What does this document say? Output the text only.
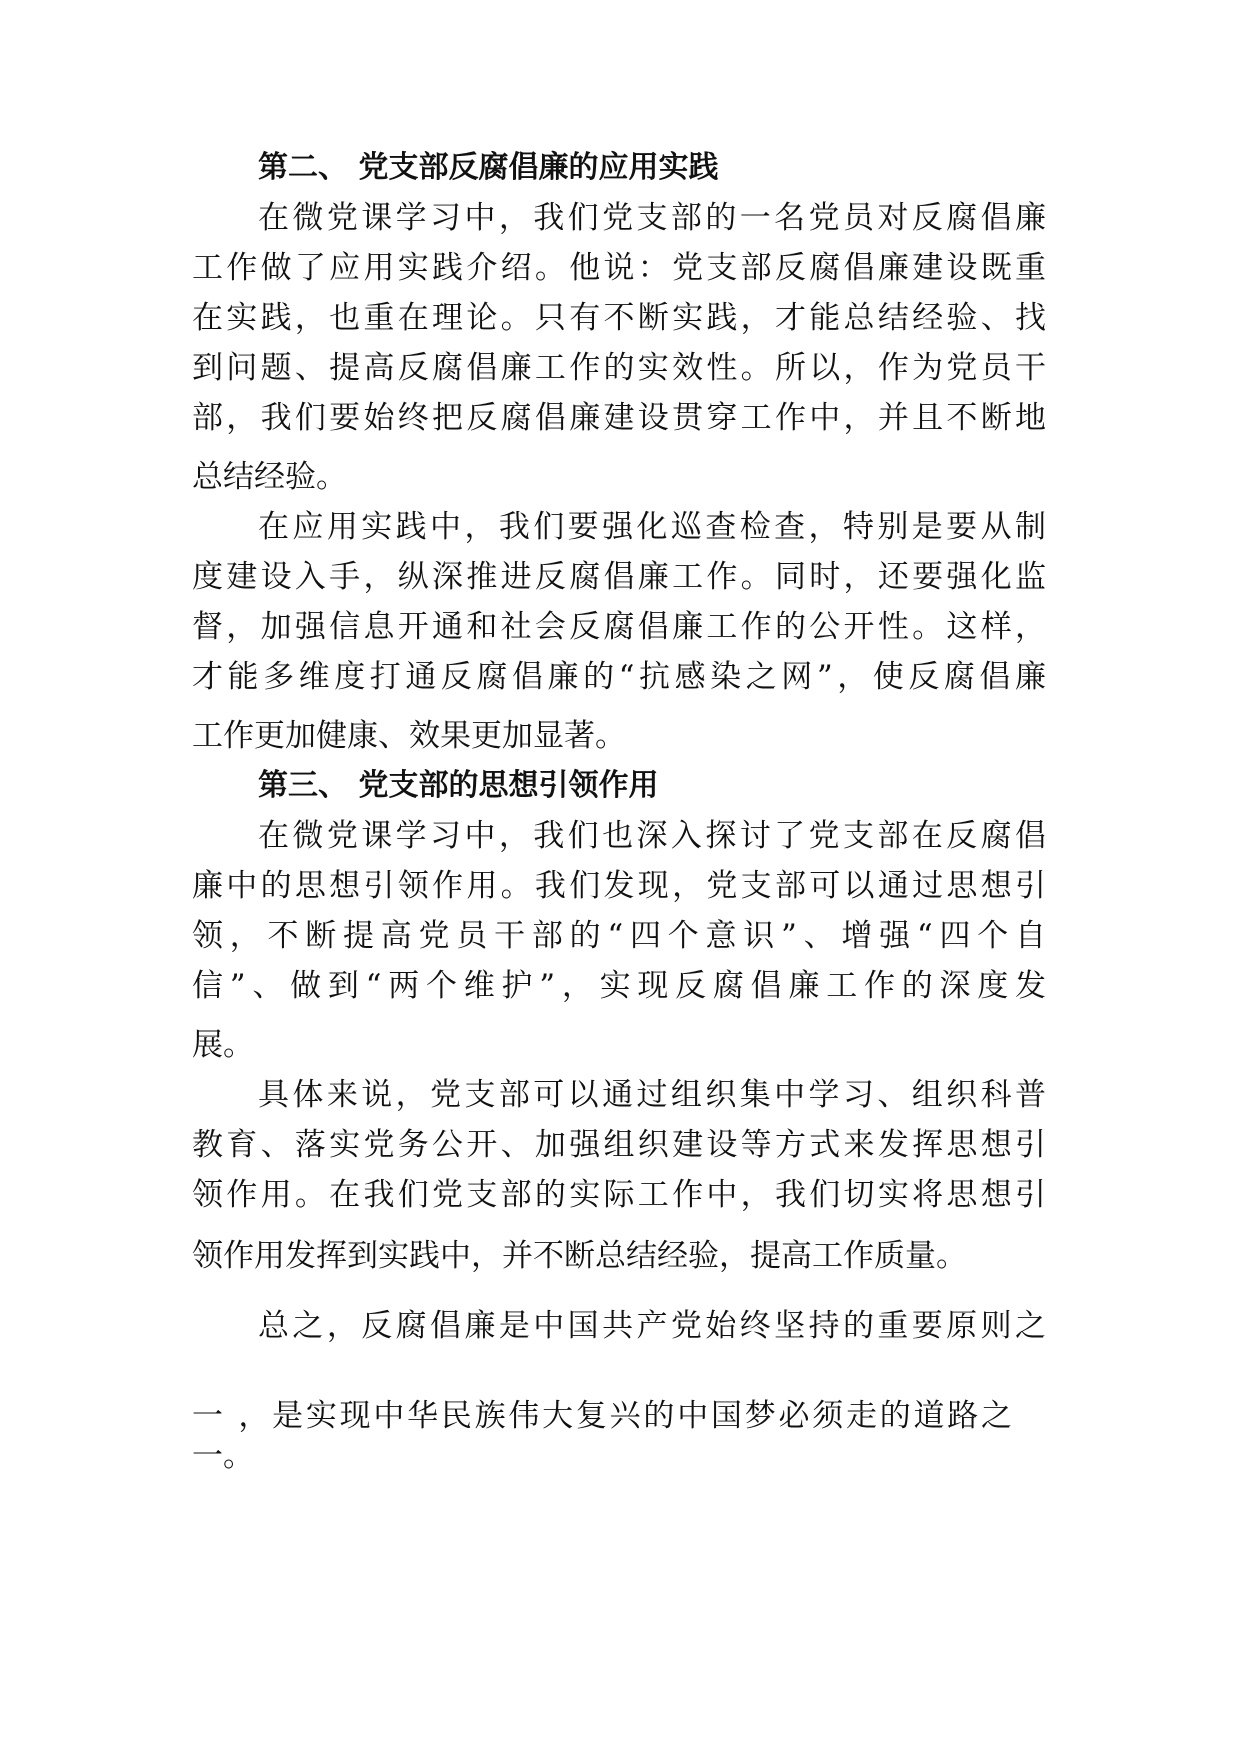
第二、 党支部反腐倡廉的应用实践
在微党课学习中，我们党支部的一名党员对反腐倡廉
工作做了应用实践介绍。他说：党支部反腐倡廉建设既重
在实践，也重在理论。只有不断实践，才能总结经验、找
到问题、提高反腐倡廉工作的实效性。所以，作为党员干
部，我们要始终把反腐倡廉建设贯穿工作中，并且不断地
总结经验。
在应用实践中，我们要强化巡查检查，特别是要从制
度建设入手，纵深推进反腐倡廉工作。同时，还要强化监
督，加强信息开通和社会反腐倡廉工作的公开性。这样，
才能多维度打通反腐倡廉的“抗感染之网”，使反腐倡廉
工作更加健康、效果更加显著。
第三、 党支部的思想引领作用
在微党课学习中，我们也深入探讨了党支部在反腐倡
廉中的思想引领作用。我们发现，党支部可以通过思想引
领，不断提高党员干部的“四个意识”、增强“四个自
信”、做到“两个维护”，实现反腐倡廉工作的深度发
展。
具体来说，党支部可以通过组织集中学习、组织科普
教育、落实党务公开、加强组织建设等方式来发挥思想引
领作用。在我们党支部的实际工作中，我们切实将思想引
领作用发挥到实践中，并不断总结经验，提高工作质量。
总之，反腐倡廉是中国共产党始终坚持的重要原则之
一 ，是实现中华民族伟大复兴的中国梦必须走的道路之
一。
